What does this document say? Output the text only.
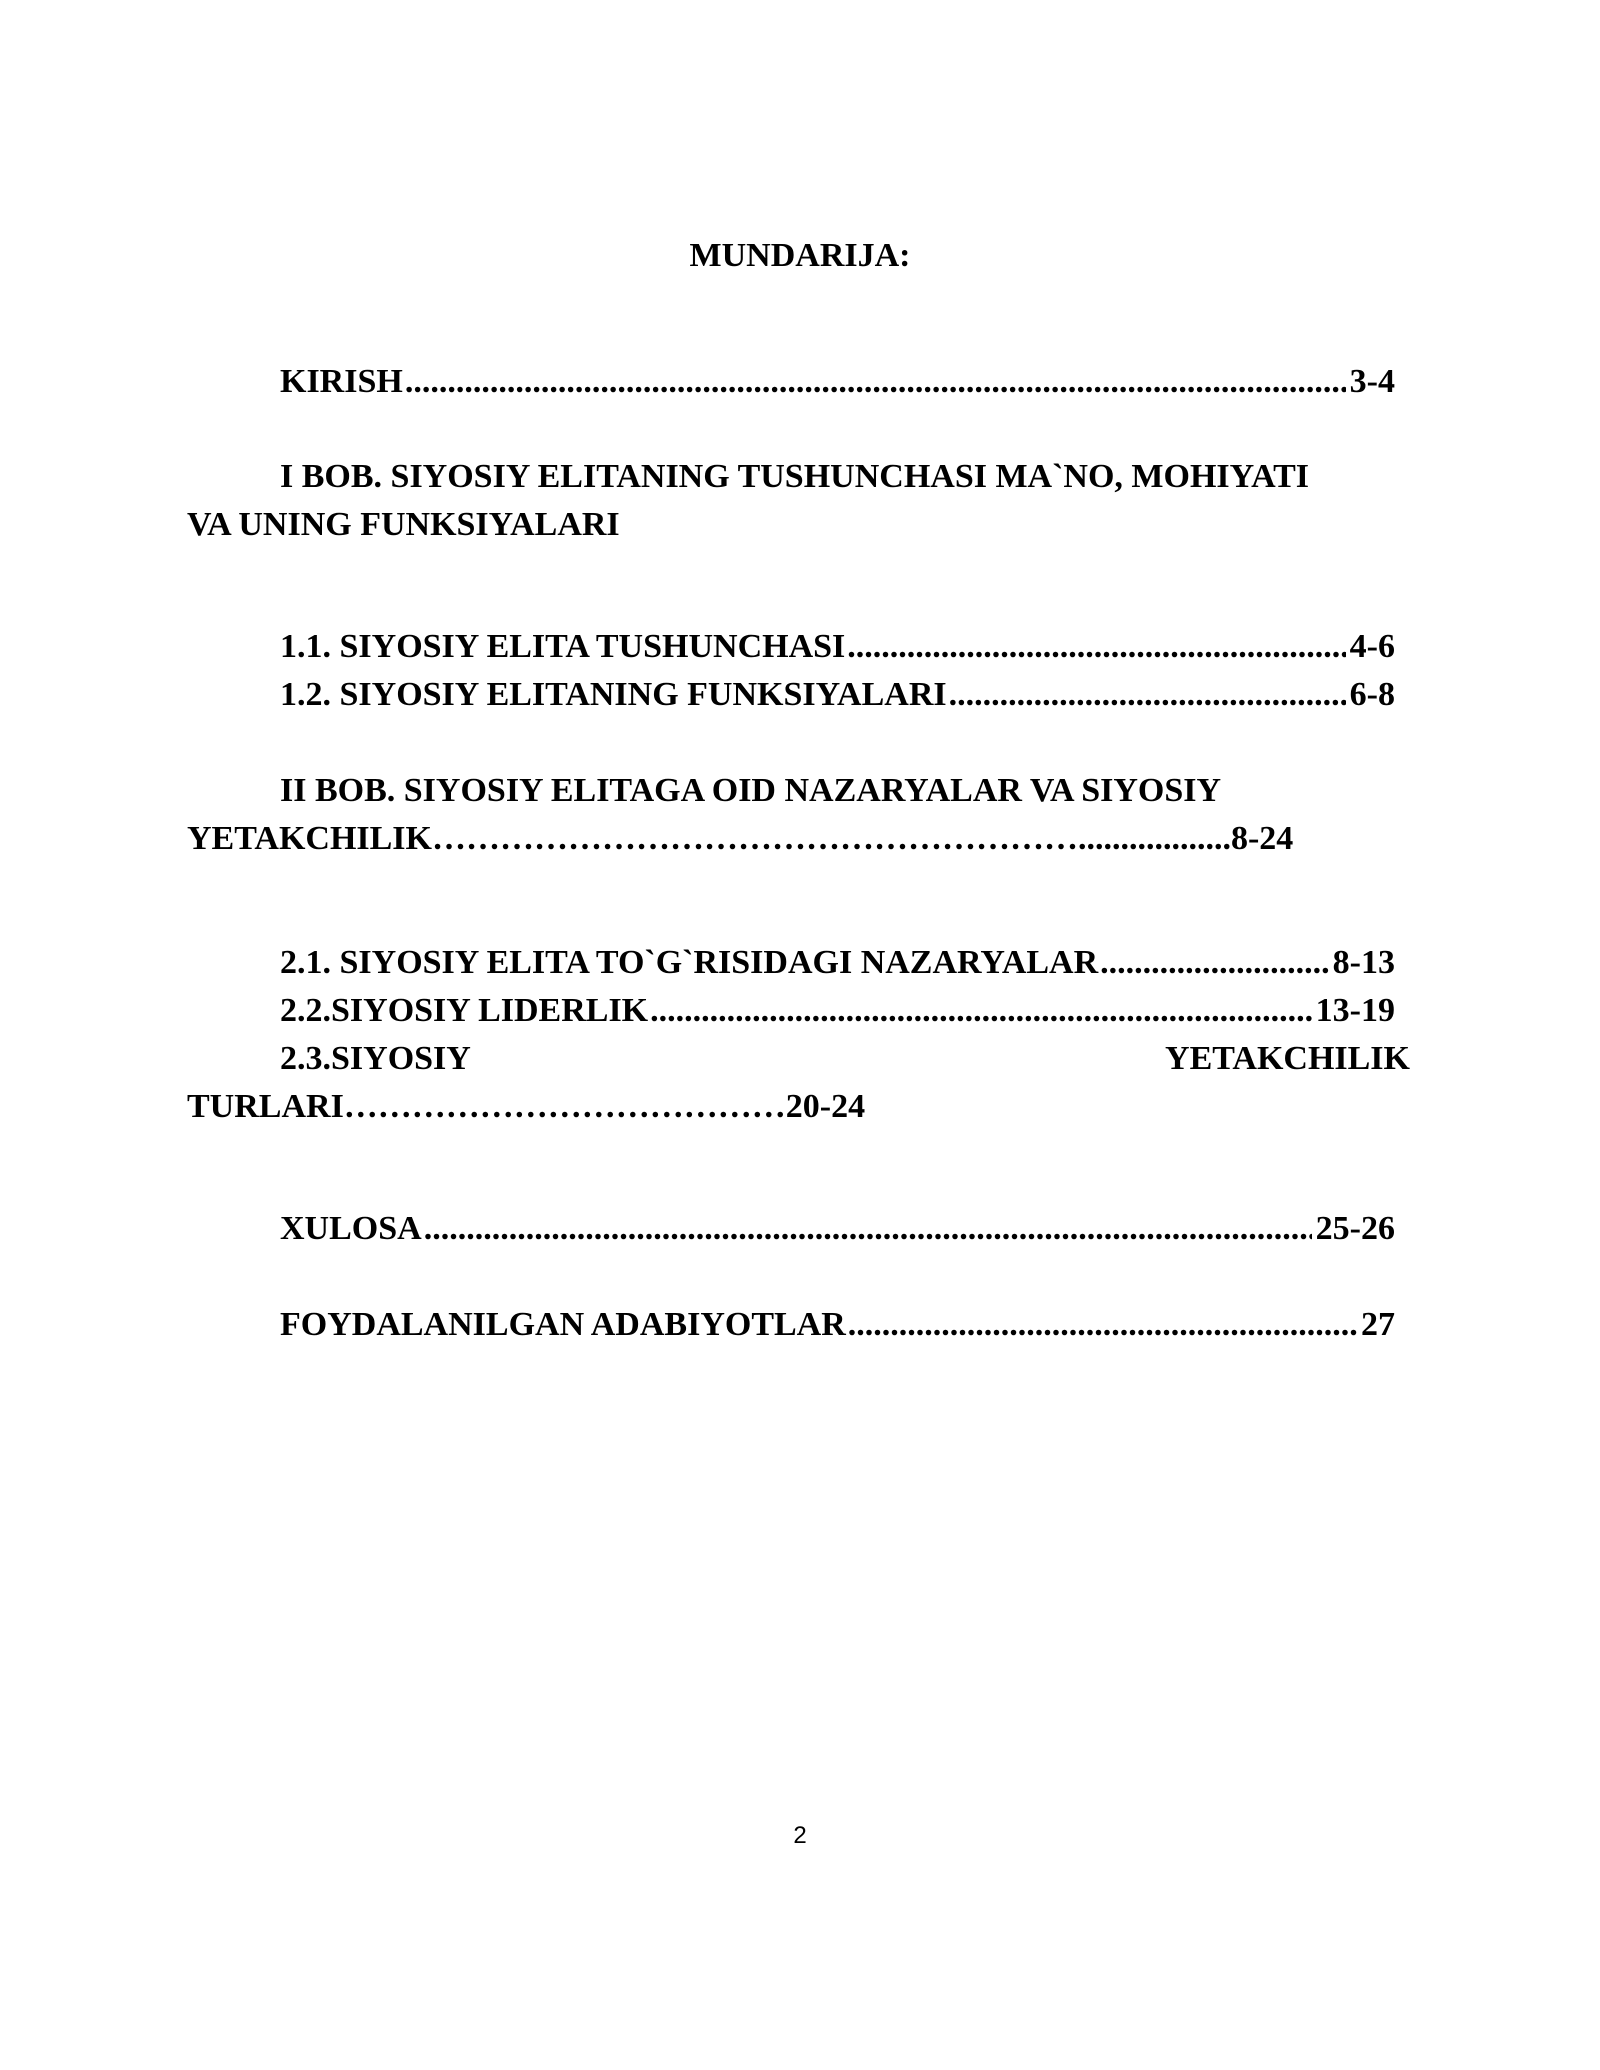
MUNDARIJA:
KIRISH .....	3-4
I BOB. SIYOSIY ELITANING TUSHUNCHASI MA`NO, MOHIYATI
VA UNING FUNKSIYALARI
1.1. SIYOSIY ELITA TUSHUNCHASI .....	4-6
1.2. SIYOSIY ELITANING FUNKSIYALARI .....	6-8
II BOB. SIYOSIY ELITAGA OID NAZARYALAR VA SIYOSIY
YETAKCHILIK…………………………………………………..................8-24
2.1. SIYOSIY ELITA TO`G`RISIDAGI NAZARYALAR .....	8-13
2.2.SIYOSIY LIDERLIK .....	13-19
2.3.SIYOSIY	YETAKCHILIK
TURLARI…………………………………20-24
XULOSA .....	25-26
FOYDALANILGAN ADABIYOTLAR .....	27
2
